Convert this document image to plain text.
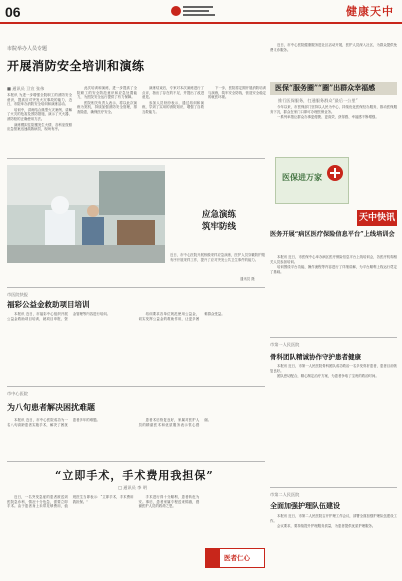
06	健康天中
市院举办人员专题
开展消防安全培训和演练
■ 通讯员 卫宣 张伟

本报讯 为进一步增强全院职工的消防安全意识，提高应对突发火灾事故的能力，近日，市院举办消防安全培训和演练活动。

培训中，讲师结合典型火灾案例，讲解了火灾的危害及预防措施，演示了灭火器、消防栓的正确使用方法。

演练模拟住院楼发生火情，各科室按照应急预案迅速疏散病员，现场有序。

此次培训和演练，进一步提高了全院职工的安全防范意识和应急处置能力，为医院安全运行提供了有力保障。

医院相关负责人表示，将以此次演练为契机，持续加强消防安全管理，排查隐患，确保医疗安全。

演练结束后，专家对本次演练进行了点评，指出了存在的不足，并提出了改进意见。

参加人员纷纷表示，通过培训和演练，学到了实用的消防知识，增强了自救互救能力。

下一步，医院将定期开展消防培训与演练，筑牢安全防线，营造安全稳定的就医环境。

应急演练
筑牢防线
近日，市中心医院开展核酸采样应急演练，医护人员穿戴防护服有序开展采样工作，提升了应对突发公共卫生事件的能力。
通讯员 摄

近日，市中心医院健康服务进社区活动开展，医护人员深入社区，为群众提供免费义诊服务。

医保“服务圈”“圈”出群众幸福感
推行医保服务，打通服务群众“最后一公里”

今年以来，市医保部门坚持以人民为中心，持续优化医保经办服务，推动医保服务下沉，群众在家门口即可办理医保业务。

一系列举措让群众办事更便捷、更高效，获得感、幸福感不断增强。

医保进万家
天中快讯
医务开展“病区医疗保险信息平台”上线培训会

本报讯 近日，市医保中心举办病区医疗保险信息平台上线培训会，各医疗机构相关人员参加培训。

培训围绕平台功能、操作流程等内容进行了详细讲解，为平台顺利上线运行奠定了基础。

市医院快报
福彩公益金救助项目培训

本报讯 近日，市福彩中心组织开展公益金救助项目培训，就项目申报、资金管理等内容进行培训。	培训要求各单位规范使用公益金，切实发挥公益金的救助作用，让更多困难群众受益。

市中心医院
为八旬患者解决困扰难题

本报讯 近日，市中心医院成功为一名八旬高龄患者实施手术，解决了困扰患者多年的难题。	患者术后恢复良好，家属对医护人员的精湛医术和优质服务表示衷心感谢。

“立即手术，手术费用我担保”
□ 通讯员 李 明

近日，一名突发急症的患者被送到医院急诊科，情况十分危急，需要立即手术。由于患者身上未带足够费用，值班医生当即表示：“立即手术，手术费用我担保。”

手术进行得十分顺利，患者转危为安。事后，患者家属专程送来锦旗，感谢医护人员的救命之恩。

医者仁心
市第一人民医院
骨科团队精诚协作守护患者健康

本报讯 近日，市第一人民医院骨科团队成功救治一名多发骨折患者，患者目前恢复良好。

团队密切配合，精心制定治疗方案，为患者争取了宝贵的救治时间。

市第二人民医院
全面加强护理队伍建设

本报讯 近日，市第二人民医院召开护理工作会议，部署全面加强护理队伍建设工作。

会议要求，要持续提升护理服务质量，为患者提供优质护理服务。
